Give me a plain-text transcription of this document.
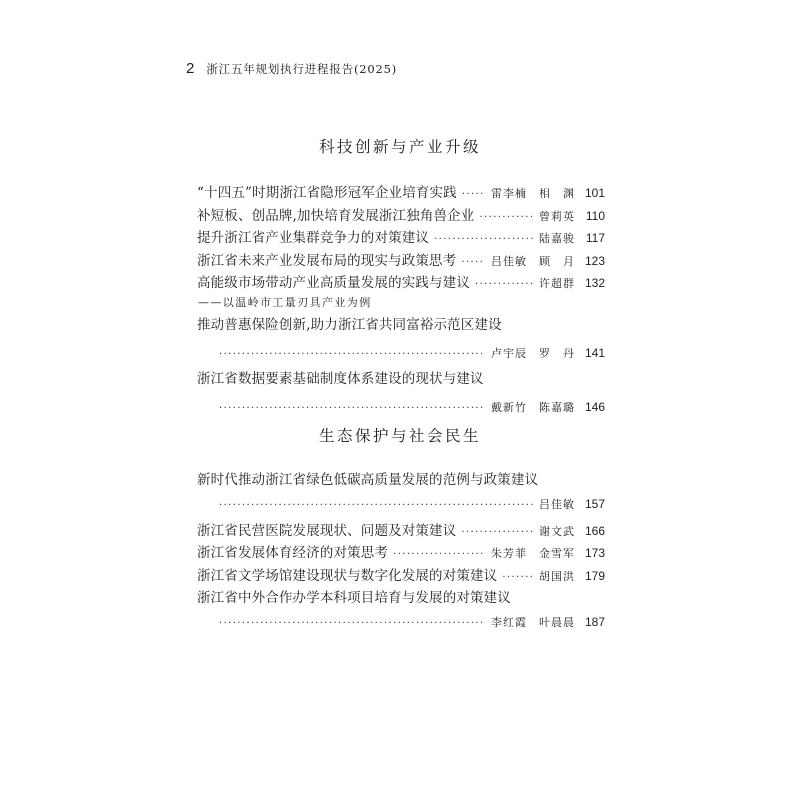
2 浙江五年规划执行进程报告(2025)
科技创新与产业升级
“十四五”时期浙江省隐形冠军企业培育实践 ·····	雷李楠　相　渊 101
补短板、创品牌,加快培育发展浙江独角兽企业 ·····	曾莉英 110
提升浙江省产业集群竞争力的对策建议 ·····	陆嘉骏 117
浙江省未来产业发展布局的现实与政策思考 ·····	吕佳敏　顾　月 123
高能级市场带动产业高质量发展的实践与建议 ·····	许超群 132
——以温岭市工量刃具产业为例
推动普惠保险创新,助力浙江省共同富裕示范区建设
·····
卢宇辰　罗　丹 141
浙江省数据要素基础制度体系建设的现状与建议
·····
戴新竹　陈嘉璐 146
生态保护与社会民生
新时代推动浙江省绿色低碳高质量发展的范例与政策建议
·····
吕佳敏 157
浙江省民营医院发展现状、问题及对策建议 ·····	谢文武 166
浙江省发展体育经济的对策思考 ·····	朱芳菲　金雪军 173
浙江省文学场馆建设现状与数字化发展的对策建议 ·····	胡国洪 179
浙江省中外合作办学本科项目培育与发展的对策建议
·····
李红霞　叶晨晨 187
